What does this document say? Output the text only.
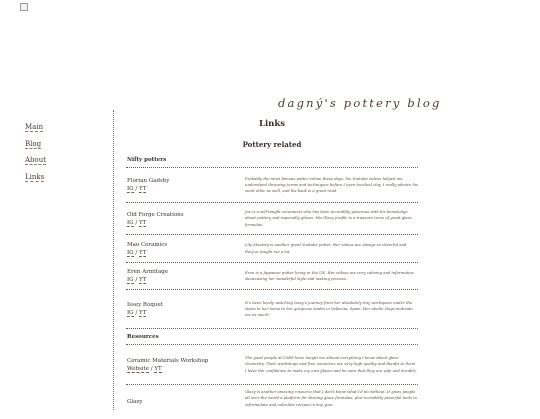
dagný's pottery blog
Main
Blog
About
Links
Links
Pottery related
Nifty potters
Florian Gadsby
IG / YT
Probably the most famous potter online these days, his Youtube videos helped me understand throwing terms and techniques before I even touched clay. I really admire his work ethic as well, and his book is a great read.
Old Forge Creations
IG / YT
Joe is a self-taught ceramicist who has been incredibly generous with his knowledge about pottery and especially glazes. His Glazy profile is a treasure trove of great glaze formulas.
Mao Ceramics
IG / YT
Lily Maetzig is another great Youtube potter. Her videos are always so cheerful and they've taught me a lot.
Eren Armitage
IG / YT
Eren is a Japanese potter living in the UK. Her videos are very calming and informative, showcasing her wonderful style and making process.
Issey Roquet
IG / YT
It's been lovely watching Issey's journey from her absolutely tiny workspace under the stairs in her home to her gorgeous studio in Valencia, Spain. Her studio vlogs motivate me so much!
Resources
Ceramic Materials Workshop
Website / YT
The good people at CMW have taught me almost everything I know about glaze chemistry. Their workshops and free resources are very high quality and thanks to them I have the confidence to make my own glazes and be sure that they are safe and durable.
Glazy
Glazy is another amazing resource that I don't know what I'd do without. It gives people all over the world a platform for sharing glaze formulas, plus incredibly powerful tools to reformulate and calculate recipes in any your
